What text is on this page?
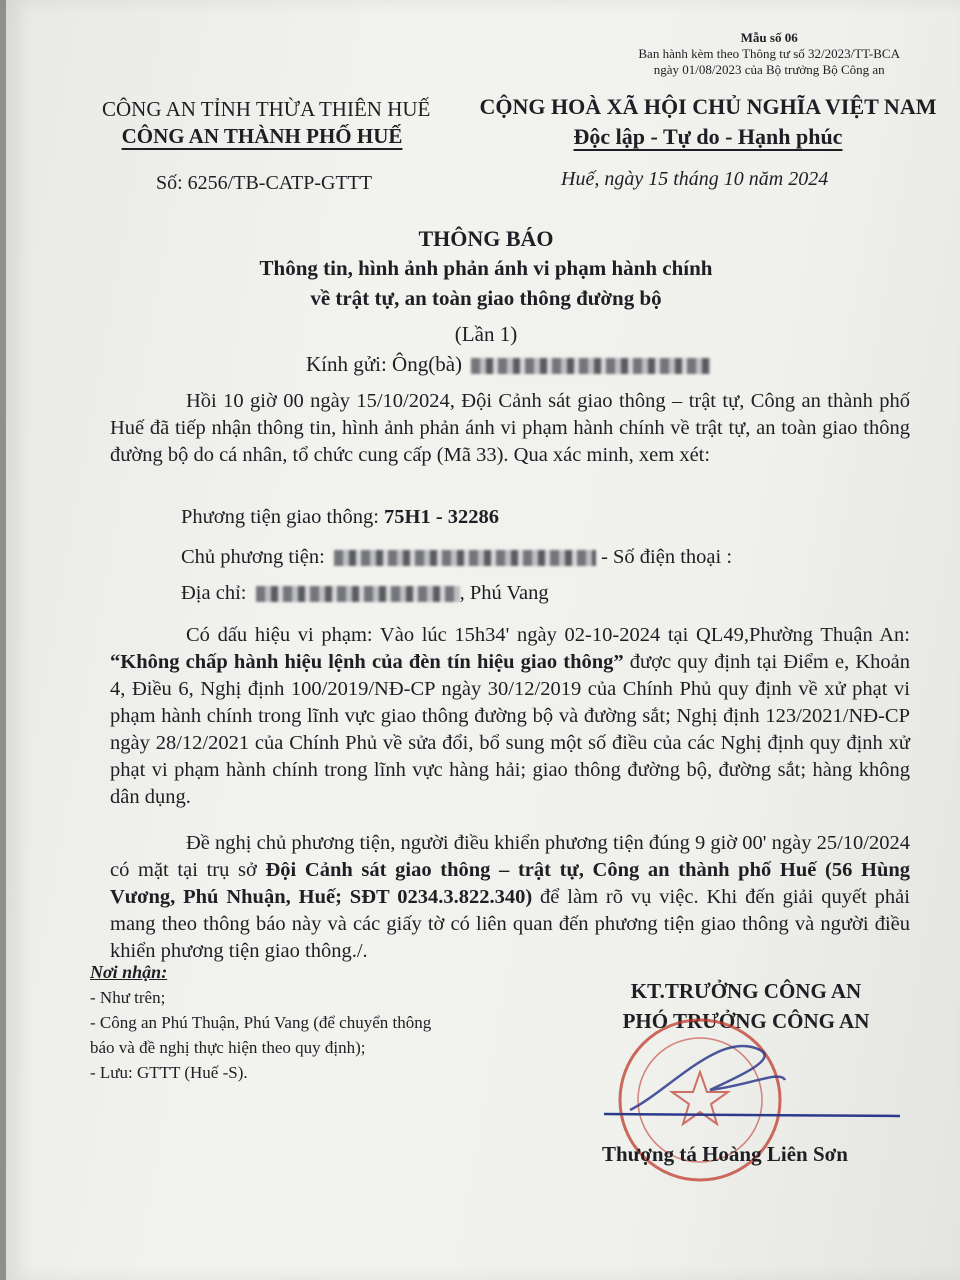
Mẫu số 06
Ban hành kèm theo Thông tư số 32/2023/TT-BCA
ngày 01/08/2023 của Bộ trưởng Bộ Công an
CÔNG AN TỈNH THỪA THIÊN HUẾ
CÔNG AN THÀNH PHỐ HUẾ
CỘNG HOÀ XÃ HỘI CHỦ NGHĨA VIỆT NAM
Độc lập - Tự do - Hạnh phúc
Số: 6256/TB-CATP-GTTT	Huế, ngày 15 tháng 10 năm 2024
THÔNG BÁO
Thông tin, hình ảnh phản ánh vi phạm hành chính
về trật tự, an toàn giao thông đường bộ
(Lần 1)
Kính gửi: Ông(bà)

Hồi 10 giờ 00 ngày 15/10/2024, Đội Cảnh sát giao thông – trật tự, Công an thành phố Huế đã tiếp nhận thông tin, hình ảnh phản ánh vi phạm hành chính về trật tự, an toàn giao thông đường bộ do cá nhân, tổ chức cung cấp (Mã 33). Qua xác minh, xem xét:

Phương tiện giao thông: 75H1 - 32286
Chủ phương tiện:	- Số điện thoại :
Địa chỉ:	, Phú Vang

Có dấu hiệu vi phạm: Vào lúc 15h34' ngày 02-10-2024 tại QL49,Phường Thuận An: “Không chấp hành hiệu lệnh của đèn tín hiệu giao thông” được quy định tại Điểm e, Khoản 4, Điều 6, Nghị định 100/2019/NĐ-CP ngày 30/12/2019 của Chính Phủ quy định về xử phạt vi phạm hành chính trong lĩnh vực giao thông đường bộ và đường sắt; Nghị định 123/2021/NĐ-CP ngày 28/12/2021 của Chính Phủ về sửa đổi, bổ sung một số điều của các Nghị định quy định xử phạt vi phạm hành chính trong lĩnh vực hàng hải; giao thông đường bộ, đường sắt; hàng không dân dụng.

Đề nghị chủ phương tiện, người điều khiển phương tiện đúng 9 giờ 00' ngày 25/10/2024 có mặt tại trụ sở Đội Cảnh sát giao thông – trật tự, Công an thành phố Huế (56 Hùng Vương, Phú Nhuận, Huế; SĐT 0234.3.822.340) để làm rõ vụ việc. Khi đến giải quyết phải mang theo thông báo này và các giấy tờ có liên quan đến phương tiện giao thông và người điều khiển phương tiện giao thông./.

Nơi nhận:
- Như trên;
- Công an Phú Thuận, Phú Vang (để chuyển thông
báo và đề nghị thực hiện theo quy định);
- Lưu: GTTT (Huế -S).
KT.TRƯỞNG CÔNG AN
PHÓ TRƯỞNG CÔNG AN
Thượng tá Hoàng Liên Sơn
